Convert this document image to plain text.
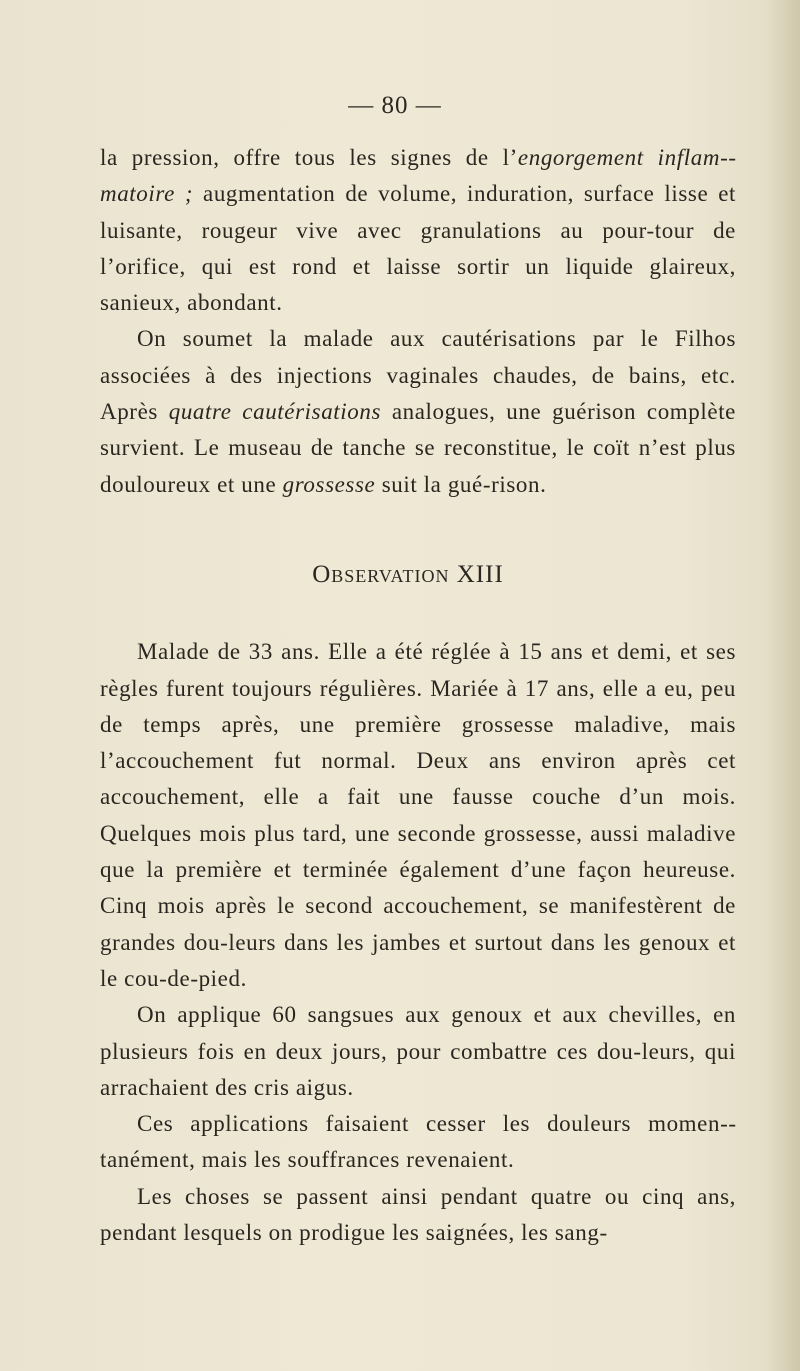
— 80 —

la pression, offre tous les signes de l’engorgement inflam-matoire ; augmentation de volume, induration, surface lisse et luisante, rougeur vive avec granulations au pour-tour de l’orifice, qui est rond et laisse sortir un liquide glaireux, sanieux, abondant.

On soumet la malade aux cautérisations par le Filhos associées à des injections vaginales chaudes, de bains, etc. Après quatre cautérisations analogues, une guérison complète survient. Le museau de tanche se reconstitue, le coït n’est plus douloureux et une grossesse suit la gué-rison.

Observation XIII

Malade de 33 ans. Elle a été réglée à 15 ans et demi, et ses règles furent toujours régulières. Mariée à 17 ans, elle a eu, peu de temps après, une première grossesse maladive, mais l’accouchement fut normal. Deux ans environ après cet accouchement, elle a fait une fausse couche d’un mois. Quelques mois plus tard, une seconde grossesse, aussi maladive que la première et terminée également d’une façon heureuse. Cinq mois après le second accouchement, se manifestèrent de grandes dou-leurs dans les jambes et surtout dans les genoux et le cou-de-pied.

On applique 60 sangsues aux genoux et aux chevilles, en plusieurs fois en deux jours, pour combattre ces dou-leurs, qui arrachaient des cris aigus.

Ces applications faisaient cesser les douleurs momen-tanément, mais les souffrances revenaient.

Les choses se passent ainsi pendant quatre ou cinq ans, pendant lesquels on prodigue les saignées, les sang-
